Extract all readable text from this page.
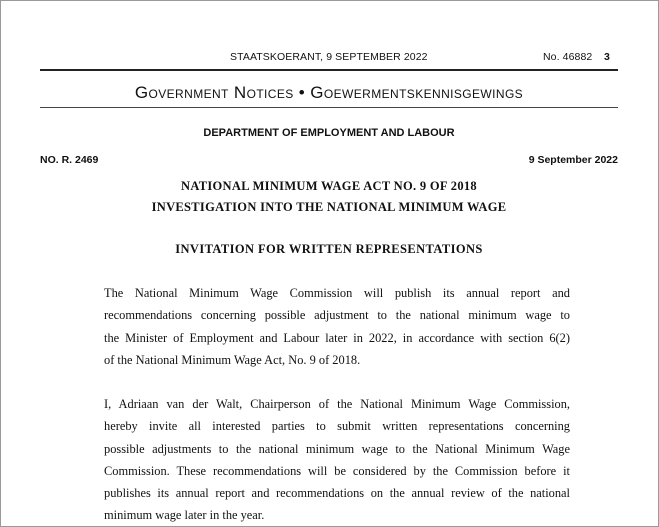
STAATSKOERANT, 9 SEPTEMBER 2022	No. 46882 3
Government Notices • Goewermentskennisgewings
DEPARTMENT OF EMPLOYMENT AND LABOUR
NO. R. 2469	9 September 2022
NATIONAL MINIMUM WAGE ACT NO. 9 OF 2018
INVESTIGATION INTO THE NATIONAL MINIMUM WAGE
INVITATION FOR WRITTEN REPRESENTATIONS

The National Minimum Wage Commission will publish its annual report and
recommendations concerning possible adjustment to the national minimum wage to
the Minister of Employment and Labour later in 2022, in accordance with section 6(2)
of the National Minimum Wage Act, No. 9 of 2018.

I, Adriaan van der Walt, Chairperson of the National Minimum Wage Commission,
hereby invite all interested parties to submit written representations concerning
possible adjustments to the national minimum wage to the National Minimum Wage
Commission. These recommendations will be considered by the Commission before it
publishes its annual report and recommendations on the annual review of the national
minimum wage later in the year.
